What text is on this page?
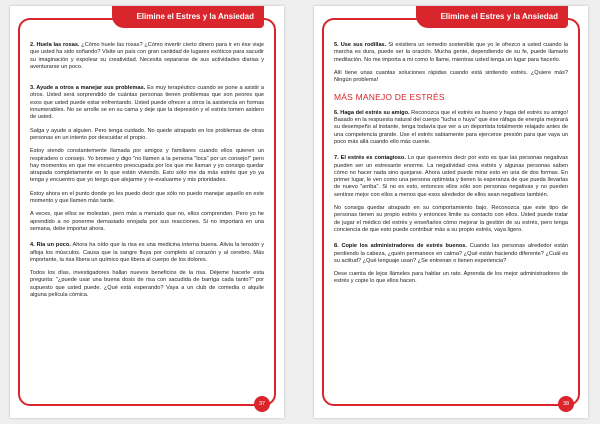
Elimine el Estres y la Ansiedad

2. Huela las rosas. ¿Cómo huele las rosas? ¿Cómo invertir cierto dinero para ir en ése viaje que usted ha sido soñando? Visite un país con gran cantidad de lugares exóticos para sacudir su imaginación y expolear su creatividad. Necesita separarse de sus actividades diarias y aventurarse un poco.

3. Ayude a otros a manejar sus problemas. Es muy terapéutico cuando se pone a asistir a otros. Usted será sorprendido de cuántas personas tienen problemas que son peores que esos que usted puede estar enfrentando. Usted puede ofrecer a otros la asistencia en formas innumerables. No se arrolle se en su cama y deje que la depresión y el estrés tomen asidero de usted.

Salga y ayude a alguien. Pero tenga cuidado. No quede atrapado en los problemas de otras personas en un intento por descuidar el propio.

Estoy siendo constantemente llamada por amigos y familiares cuando ellos quieren un respiradero o consejo. Yo bromeo y digo "no llamen a la persona "loca" por un consejo!" pero hay momentos en que me encuentro preocupada por los que me llaman y yo consigo quedar atrapada completamente en lo que están viviendo. Esto sólo me da más estrés que yo ya tenga y encuentro que yo tengo que alejarme y re-evaluarme y mis prioridades.

Estoy ahora en el punto donde yo les puedo decir que sólo no puedo manejar aquello en este momento y que llamen más tarde.

A veces, que ellos se molestan, pero más a menudo que no, ellos comprenden. Pero yo he aprendido a no ponerme demasiado enojada por sus reacciones. Si no importará en una semana, debe importar ahora.

4. Ría un poco. Ahora ha oído que la risa es una medicina interna buena. Alivia la tensión y afloja los músculos. Causa que la sangre fluya por completo al corazón y al cerebro. Más importante, la risa libera un químico que libera al cuerpo de los dolores.

Todos los días, investigadores hallan nuevos beneficios de la risa. Déjeme hacerle esta pregunta: "¿puede usar una buena dosis de risa con sacudida de barriga cada tanto?" por supuesto que usted puede. ¿Qué está esperando? Vaya a un club de comedia o alquile alguna película cómica.

37
Elimine el Estres y la Ansiedad

5. Use sus rodillas. Si existiera un remedio sostenible que yo le ofrezco a usted cuando la marcha es dura, puede ser la oración. Mucha gente, dependiendo de su fe, puede llamarlo meditación. No me importa a mi como lo llame, mientras usted tenga un lugar para hacerlo.

Allí tiene unas cuantas soluciones rápidas cuando está sintiendo estrés. ¿Quiere más? Ningún problema!

MÁS MANEJO DE ESTRÉS

6. Haga del estrés su amigo. Reconozca que el estrés es bueno y haga del estrés su amigo! Basado en la respuesta natural del cuerpo "lucha o huya" que ése ráfaga de energía mejorará su desempeño al instante, tenga todavía que ver a un deportista totalmente relajado antes de una competencia grande. Use el estrés sabiamente para ejercerse presión para que vaya un poco más allá cuando ello más cuente.

7. El estrés es contagioso. Lo que queremos decir por esto es que las personas negativas pueden ser un estresante enorme. La negatividad crea estrés y algunas personas saben cómo no hacer nada sino quejarse. Ahora usted puede mirar esto en una de dos formas. En primer lugar, le ven como una persona optimista y tienen la esperanza de que pueda llevarlas de nuevo "arriba". Si no es esto, entonces ellos sólo son personas negativas y no pueden sentirse mejor con ellos a menos que esos alrededor de ellos sean negativos también.

No consiga quedar atrapado en su comportamiento bajo. Reconozca que este tipo de personas tienen su propio estrés y entonces limite su contacto con ellos. Usted puede tratar de jugar el médico del estrés y enseñarles cómo mejorar la gestión de su estrés, pero tenga conciencia de que esto puede contribuir más a su propio estrés, vaya ligero.

8. Copie los administradores de estrés buenos. Cuando las personas alrededor están perdiendo la cabeza, ¿quién permanece en calma? ¿Qué están haciendo diferente? ¿Cuál es su actitud? ¿Qué lenguaje usan? ¿Se entrenan o tienen experiencia?

Dese cuenta de lejos llámeles para hablar un rato. Aprenda de los mejor administradores de estrés y copie lo que ellos hacen.

38
